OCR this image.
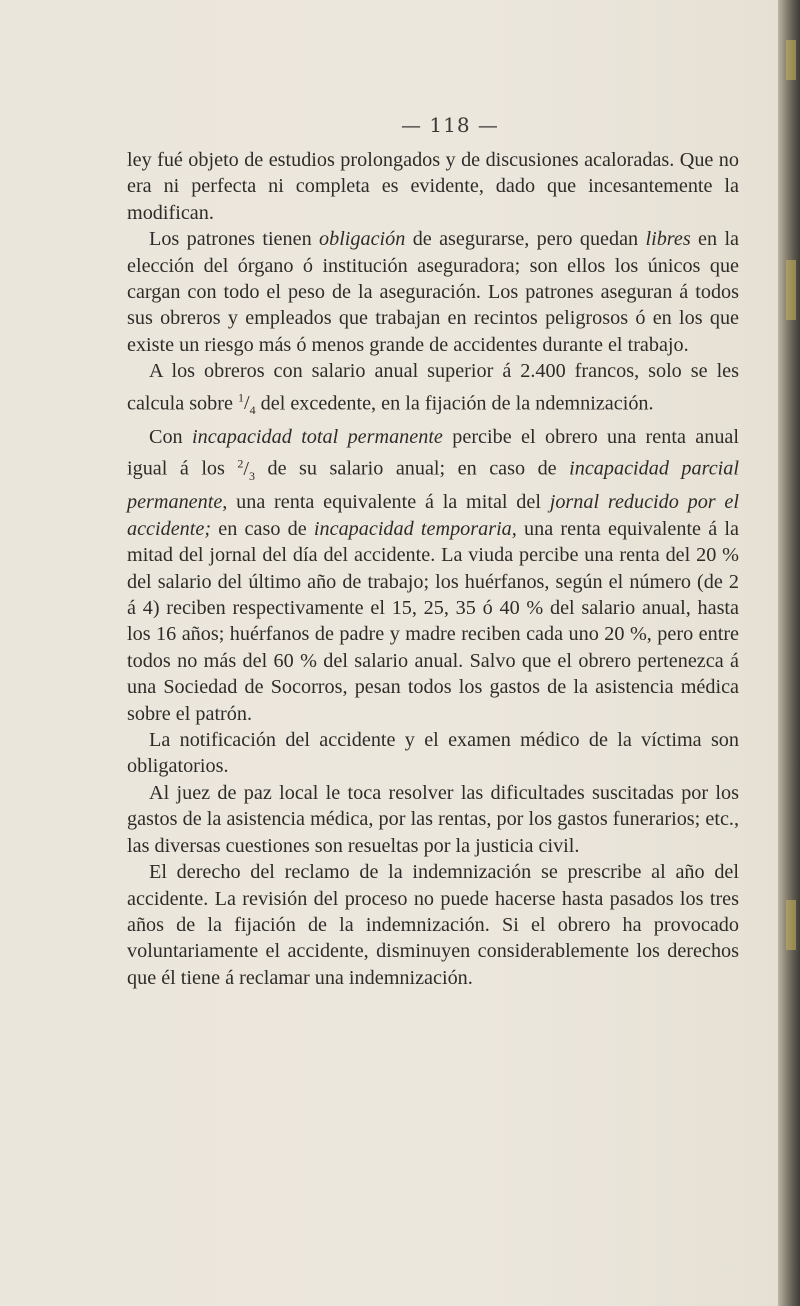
— 118 —

ley fué objeto de estudios prolongados y de discusiones acaloradas. Que no era ni perfecta ni completa es evidente, dado que incesantemente la modifican.

Los patrones tienen obligación de asegurarse, pero quedan libres en la elección del órgano ó institución aseguradora; son ellos los únicos que cargan con todo el peso de la aseguración. Los patrones aseguran á todos sus obreros y empleados que trabajan en recintos peligrosos ó en los que existe un riesgo más ó menos grande de accidentes durante el trabajo.

A los obreros con salario anual superior á 2.400 francos, solo se les calcula sobre $^1/_4$ del excedente, en la fijación de la ndemnización.

Con incapacidad total permanente percibe el obrero una renta anual igual á los $^2/_3$ de su salario anual; en caso de incapacidad parcial permanente, una renta equivalente á la mital del jornal reducido por el accidente; en caso de incapacidad temporaria, una renta equivalente á la mitad del jornal del día del accidente. La viuda percibe una renta del 20 % del salario del último año de trabajo; los huérfanos, según el número (de 2 á 4) reciben respectivamente el 15, 25, 35 ó 40 % del salario anual, hasta los 16 años; huérfanos de padre y madre reciben cada uno 20 %, pero entre todos no más del 60 % del salario anual. Salvo que el obrero pertenezca á una Sociedad de Socorros, pesan todos los gastos de la asistencia médica sobre el patrón.

La notificación del accidente y el examen médico de la víctima son obligatorios.

Al juez de paz local le toca resolver las dificultades suscitadas por los gastos de la asistencia médica, por las rentas, por los gastos funerarios; etc., las diversas cuestiones son resueltas por la justicia civil.

El derecho del reclamo de la indemnización se prescribe al año del accidente. La revisión del proceso no puede hacerse hasta pasados los tres años de la fijación de la indemnización. Si el obrero ha provocado voluntariamente el accidente, disminuyen considerablemente los derechos que él tiene á reclamar una indemnización.
